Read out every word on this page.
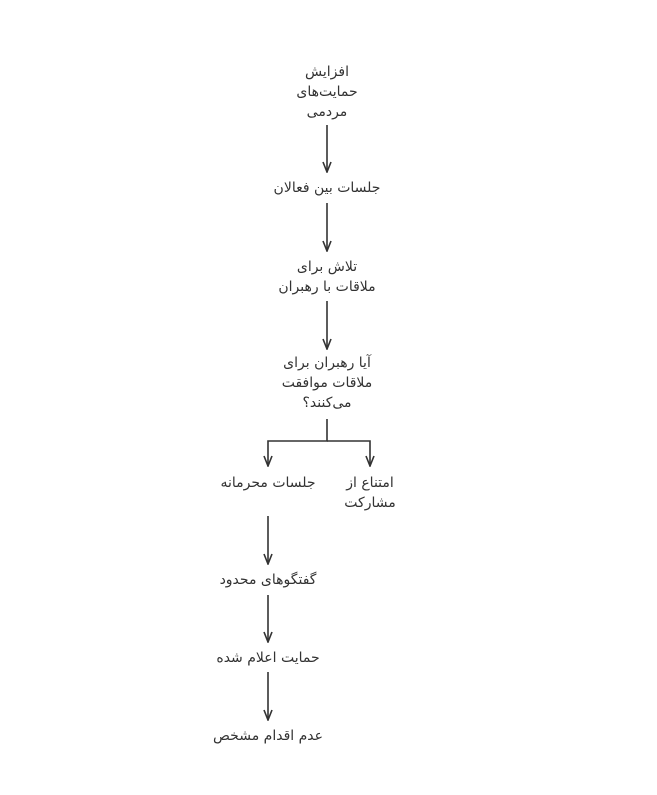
افزایش
حمایت‌های
مردمی
جلسات بین فعالان
تلاش برای
ملاقات با رهبران
آیا رهبران برای
ملاقات موافقت
می‌کنند؟
جلسات محرمانه	امتناع از
مشارکت
گفتگوهای محدود
حمایت اعلام شده
عدم اقدام مشخص
